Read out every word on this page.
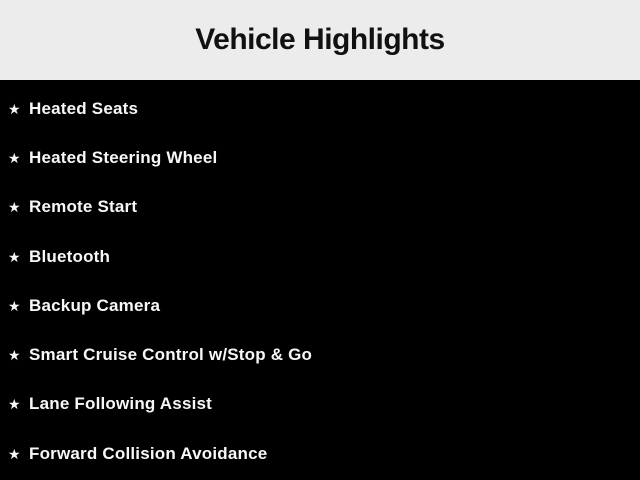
Vehicle Highlights
★ Heated Seats
★ Heated Steering Wheel
★ Remote Start
★ Bluetooth
★ Backup Camera
★ Smart Cruise Control w/Stop & Go
★ Lane Following Assist
★ Forward Collision Avoidance
